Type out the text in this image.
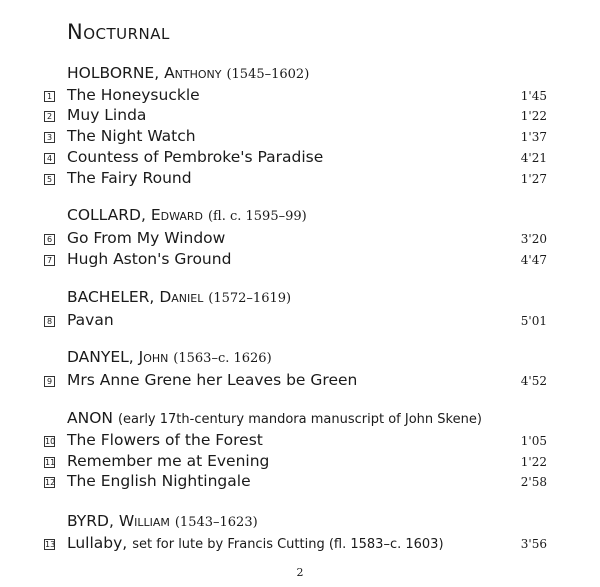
Nocturnal
HOLBORNE, Anthony (1545–1602)
1 The Honeysuckle	1'45
2 Muy Linda	1'22
3 The Night Watch	1'37
4 Countess of Pembroke's Paradise	4'21
5 The Fairy Round	1'27
COLLARD, Edward (fl. c. 1595–99)
6 Go From My Window	3'20
7 Hugh Aston's Ground	4'47
BACHELER, Daniel (1572–1619)
8 Pavan	5'01
DANYEL, John (1563–c. 1626)
9 Mrs Anne Grene her Leaves be Green	4'52
ANON (early 17th-century mandora manuscript of John Skene)
10 The Flowers of the Forest	1'05
11 Remember me at Evening	1'22
12 The English Nightingale	2'58
BYRD, William (1543–1623)
13 Lullaby, set for lute by Francis Cutting (fl. 1583–c. 1603)	3'56
2
